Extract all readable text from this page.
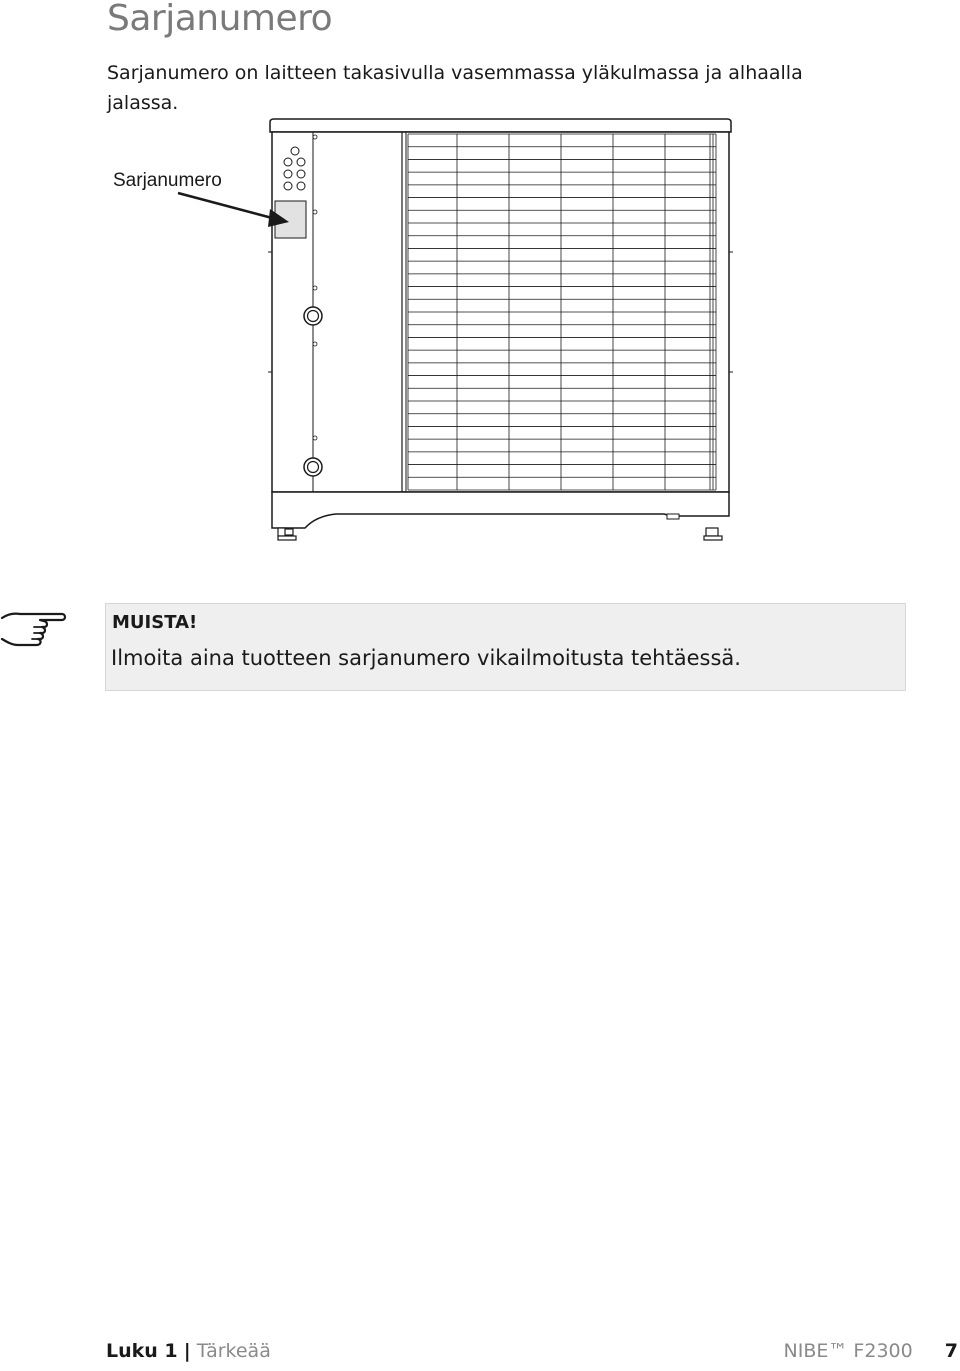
Sarjanumero

Sarjanumero on laitteen takasivulla vasemmassa yläkulmassa ja alhaalla jalassa.

Sarjanumero
MUISTA!
Ilmoita aina tuotteen sarjanumero vikailmoitusta tehtäessä.
Luku 1 | Tärkeää	NIBE™ F2300 7
